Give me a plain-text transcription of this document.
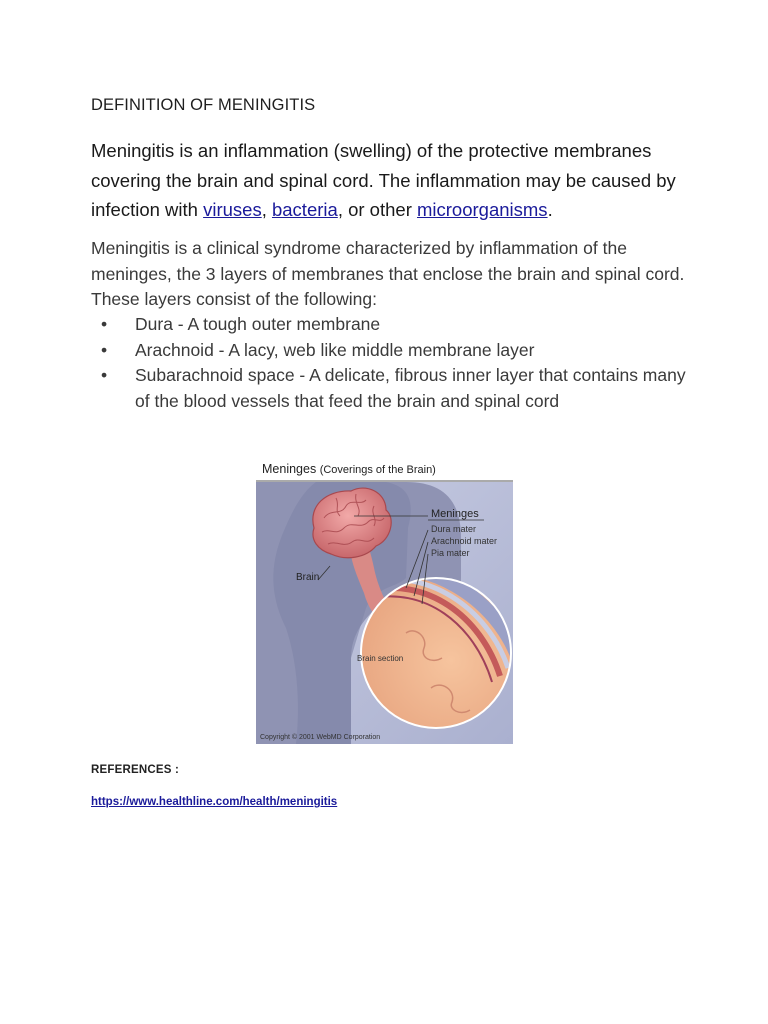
DEFINITION OF MENINGITIS
Meningitis is an inflammation (swelling) of the protective membranes covering the brain and spinal cord. The inflammation may be caused by infection with viruses, bacteria, or other microorganisms.
Meningitis is a clinical syndrome characterized by inflammation of the meninges, the 3 layers of membranes that enclose the brain and spinal cord. These layers consist of the following:
• Dura - A tough outer membrane
• Arachnoid - A lacy, web like middle membrane layer
• Subarachnoid space - A delicate, fibrous inner layer that contains many of the blood vessels that feed the brain and spinal cord
Meninges (Coverings of the Brain)
Meninges
Dura mater
Arachnoid mater
Pia mater
Brain
Brain section
Copyright © 2001 WebMD Corporation
REFERENCES :
https://www.healthline.com/health/meningitis
